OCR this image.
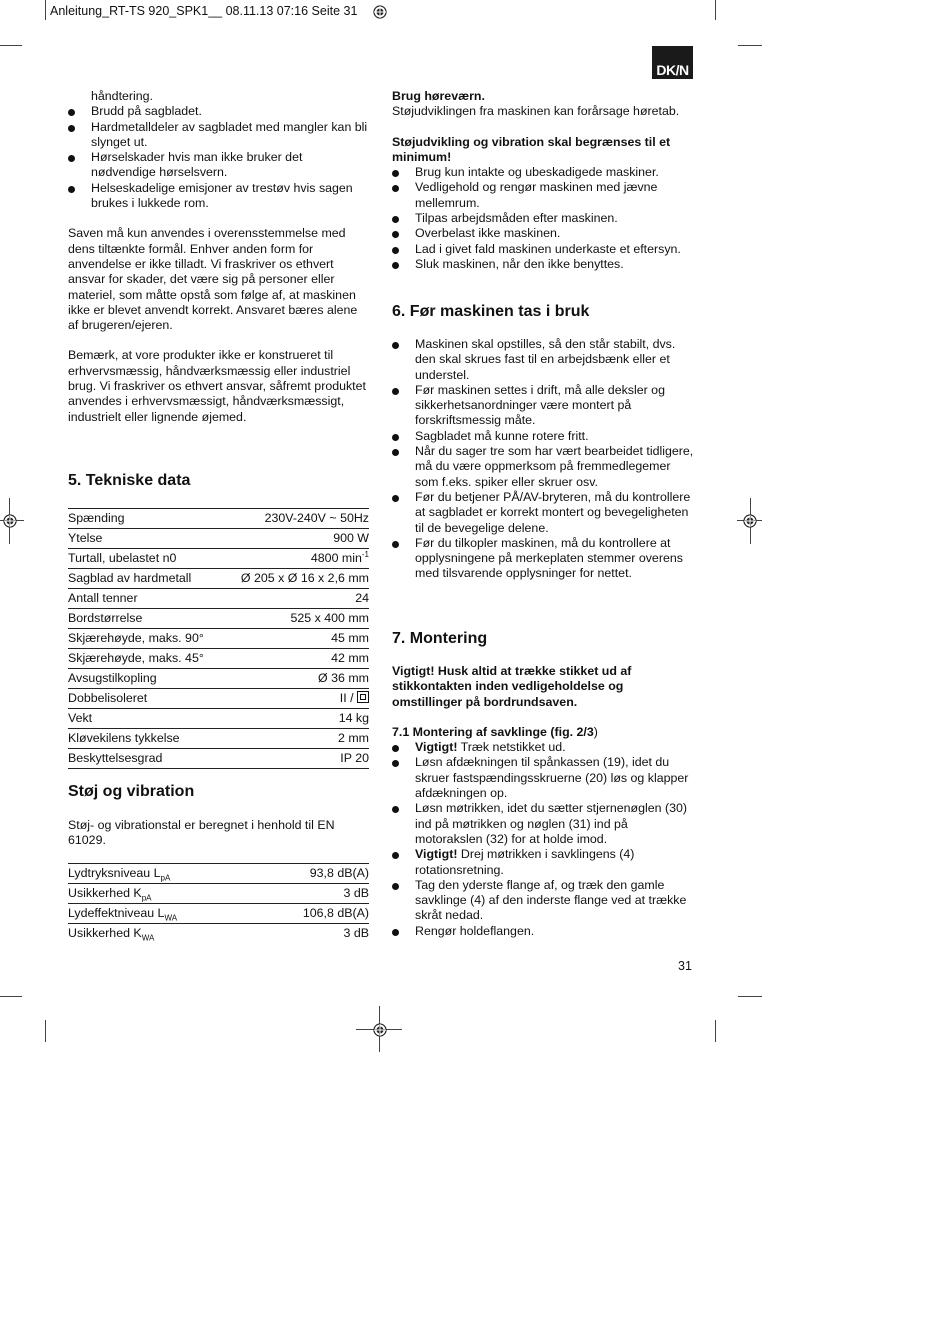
Anleitung_RT-TS 920_SPK1__ 08.11.13 07:16 Seite 31
DK/N

håndtering.

Brudd på sagbladet.
Hardmetalldeler av sagbladet med mangler kan bli slynget ut.
Hørselskader hvis man ikke bruker det nødvendige hørselsvern.
Helseskadelige emisjoner av trestøv hvis sagen brukes i lukkede rom.

Saven må kun anvendes i overensstemmelse med dens tiltænkte formål. Enhver anden form for anvendelse er ikke tilladt. Vi fraskriver os ethvert ansvar for skader, det være sig på personer eller materiel, som måtte opstå som følge af, at maskinen ikke er blevet anvendt korrekt. Ansvaret bæres alene af brugeren/ejeren.

Bemærk, at vore produkter ikke er konstrueret til erhvervsmæssig, håndværksmæssig eller industriel brug. Vi fraskriver os ethvert ansvar, såfremt produktet anvendes i erhvervsmæssigt, håndværksmæssigt, industrielt eller lignende øjemed.

5. Tekniske data
Spænding	230V-240V ~ 50Hz
Ytelse	900 W
Turtall, ubelastet n0	4800 $\min^{-1}$
Sagblad av hardmetall	Ø 205 x Ø 16 x 2,6 mm
Antall tenner	24
Bordstørrelse	525 x 400 mm
Skjærehøyde, maks. 90°	45 mm
Skjærehøyde, maks. 45°	42 mm
Avsugstilkopling	Ø 36 mm
Dobbelisoleret	II /
Vekt	14 kg
Kløvekilens tykkelse	2 mm
Beskyttelsesgrad	IP 20
Støj og vibration

Støj- og vibrationstal er beregnet i henhold til EN 61029.

Lydtryksniveau $L_{pA}$	93,8 dB(A)
Usikkerhed $K_{pA}$	3 dB
Lydeffektniveau $L_{WA}$	106,8 dB(A)
Usikkerhed $K_{WA}$	3 dB

Brug høreværn.

Støjudviklingen fra maskinen kan forårsage høretab.

Støjudvikling og vibration skal begrænses til et minimum!

Brug kun intakte og ubeskadigede maskiner.
Vedligehold og rengør maskinen med jævne mellemrum.
Tilpas arbejdsmåden efter maskinen.
Overbelast ikke maskinen.
Lad i givet fald maskinen underkaste et eftersyn.
Sluk maskinen, når den ikke benyttes.
6. Før maskinen tas i bruk
Maskinen skal opstilles, så den står stabilt, dvs. den skal skrues fast til en arbejdsbænk eller et understel.
Før maskinen settes i drift, må alle deksler og sikkerhetsanordninger være montert på forskriftsmessig måte.
Sagbladet må kunne rotere fritt.
Når du sager tre som har vært bearbeidet tidligere, må du være oppmerksom på fremmedlegemer som f.eks. spiker eller skruer osv.
Før du betjener PÅ/AV-bryteren, må du kontrollere at sagbladet er korrekt montert og bevegeligheten til de bevegelige delene.
Før du tilkopler maskinen, må du kontrollere at opplysningene på merkeplaten stemmer overens med tilsvarende opplysninger for nettet.
7. Montering

Vigtigt! Husk altid at trække stikket ud af stikkontakten inden vedligeholdelse og omstillinger på bordrundsaven.

7.1 Montering af savklinge (fig. 2/3)

Vigtigt! Træk netstikket ud.
Løsn afdækningen til spånkassen (19), idet du skruer fastspændingsskruerne (20) løs og klapper afdækningen op.
Løsn møtrikken, idet du sætter stjernenøglen (30) ind på møtrikken og nøglen (31) ind på motorakslen (32) for at holde imod.
Vigtigt! Drej møtrikken i savklingens (4) rotationsretning.
Tag den yderste flange af, og træk den gamle savklinge (4) af den inderste flange ved at trække skråt nedad.
Rengør holdeflangen.
31
